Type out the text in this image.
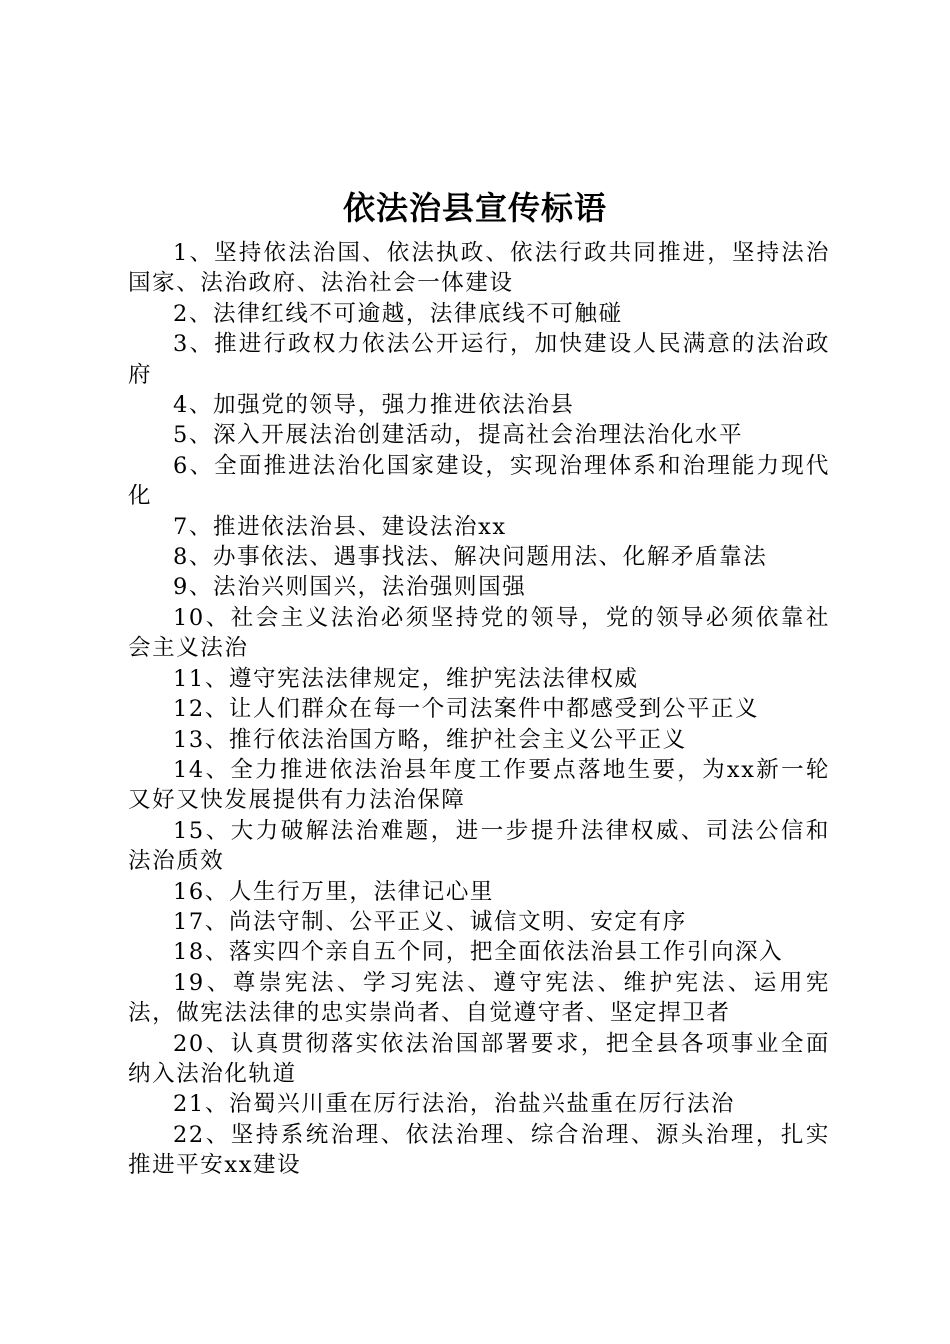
依法治县宣传标语
1、坚持依法治国、依法执政、依法行政共同推进，坚持法治国家、法治政府、法治社会一体建设
2、法律红线不可逾越，法律底线不可触碰
3、推进行政权力依法公开运行，加快建设人民满意的法治政府
4、加强党的领导，强力推进依法治县
5、深入开展法治创建活动，提高社会治理法治化水平
6、全面推进法治化国家建设，实现治理体系和治理能力现代化
7、推进依法治县、建设法治xx
8、办事依法、遇事找法、解决问题用法、化解矛盾靠法
9、法治兴则国兴，法治强则国强
10、社会主义法治必须坚持党的领导，党的领导必须依靠社会主义法治
11、遵守宪法法律规定，维护宪法法律权威
12、让人们群众在每一个司法案件中都感受到公平正义
13、推行依法治国方略，维护社会主义公平正义
14、全力推进依法治县年度工作要点落地生要，为xx新一轮又好又快发展提供有力法治保障
15、大力破解法治难题，进一步提升法律权威、司法公信和法治质效
16、人生行万里，法律记心里
17、尚法守制、公平正义、诚信文明、安定有序
18、落实四个亲自五个同，把全面依法治县工作引向深入
19、尊崇宪法、学习宪法、遵守宪法、维护宪法、运用宪法，做宪法法律的忠实崇尚者、自觉遵守者、坚定捍卫者
20、认真贯彻落实依法治国部署要求，把全县各项事业全面纳入法治化轨道
21、治蜀兴川重在厉行法治，治盐兴盐重在厉行法治
22、坚持系统治理、依法治理、综合治理、源头治理，扎实推进平安xx建设
